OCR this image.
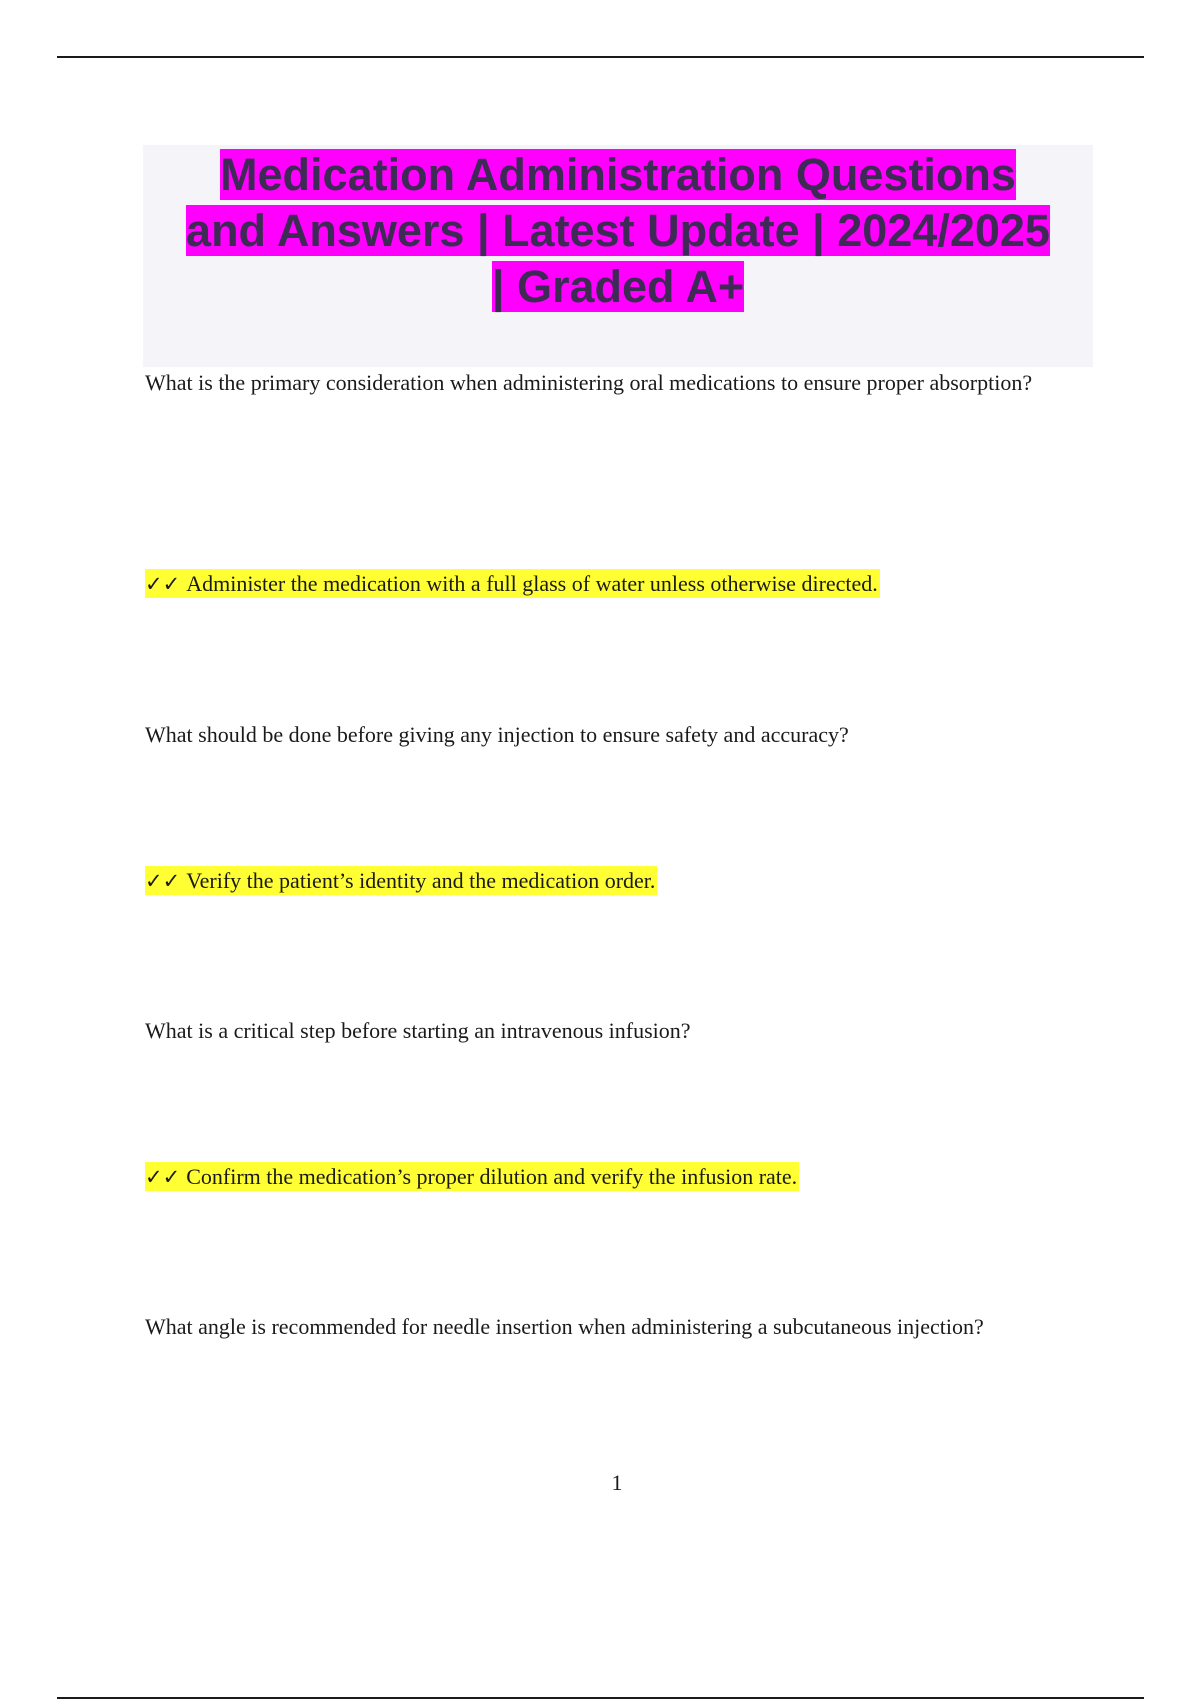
Medication Administration Questions
and Answers | Latest Update | 2024/2025
| Graded A+
What is the primary consideration when administering oral medications to ensure proper absorption?
✓✓ Administer the medication with a full glass of water unless otherwise directed.
What should be done before giving any injection to ensure safety and accuracy?
✓✓ Verify the patient’s identity and the medication order.
What is a critical step before starting an intravenous infusion?
✓✓ Confirm the medication’s proper dilution and verify the infusion rate.
What angle is recommended for needle insertion when administering a subcutaneous injection?
1
